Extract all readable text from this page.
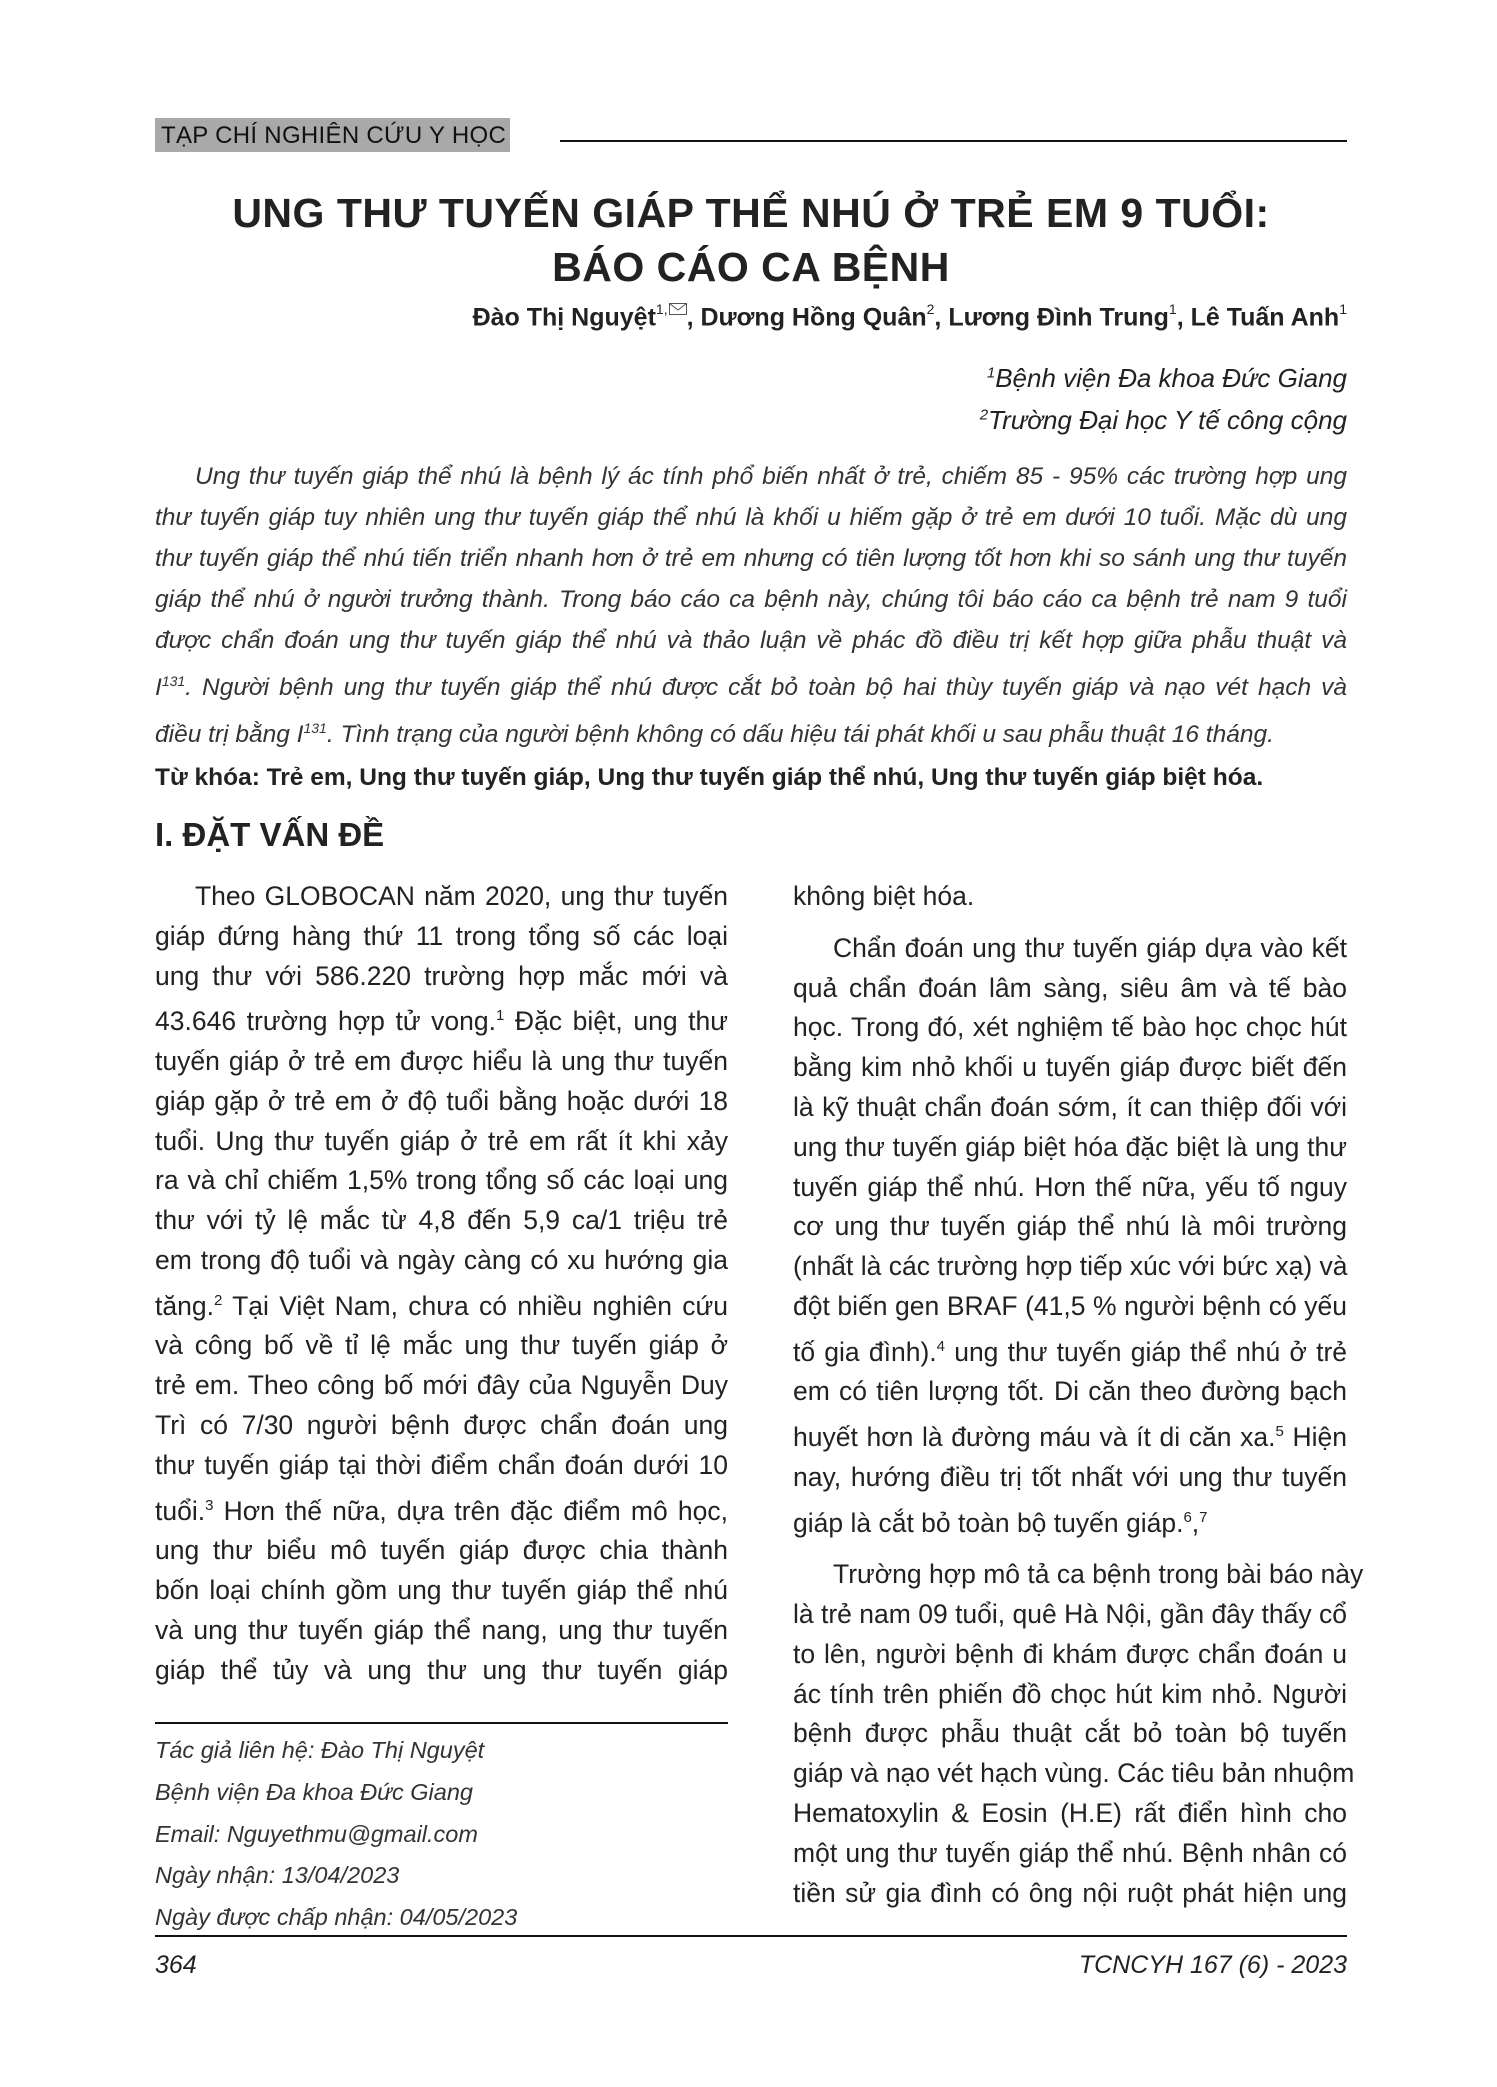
TẠP CHÍ NGHIÊN CỨU Y HỌC
UNG THƯ TUYẾN GIÁP THỂ NHÚ Ở TRẺ EM 9 TUỔI:
BÁO CÁO CA BỆNH
Đào Thị Nguyệt$^{1,}$ , Dương Hồng Quân$^2$, Lương Đình Trung$^1$, Lê Tuấn Anh$^1$
$^1$Bệnh viện Đa khoa Đức Giang
$^2$Trường Đại học Y tế công cộng
Ung thư tuyến giáp thể nhú là bệnh lý ác tính phổ biến nhất ở trẻ, chiếm 85 - 95% các trường hợp ung
thư tuyến giáp tuy nhiên ung thư tuyến giáp thể nhú là khối u hiếm gặp ở trẻ em dưới 10 tuổi. Mặc dù ung
thư tuyến giáp thể nhú tiến triển nhanh hơn ở trẻ em nhưng có tiên lượng tốt hơn khi so sánh ung thư tuyến
giáp thể nhú ở người trưởng thành. Trong báo cáo ca bệnh này, chúng tôi báo cáo ca bệnh trẻ nam 9 tuổi
được chẩn đoán ung thư tuyến giáp thể nhú và thảo luận về phác đồ điều trị kết hợp giữa phẫu thuật và
$I^{131}$. Người bệnh ung thư tuyến giáp thể nhú được cắt bỏ toàn bộ hai thùy tuyến giáp và nạo vét hạch và
điều trị bằng $I^{131}$. Tình trạng của người bệnh không có dấu hiệu tái phát khối u sau phẫu thuật 16 tháng.
Từ khóa: Trẻ em, Ung thư tuyến giáp, Ung thư tuyến giáp thể nhú, Ung thư tuyến giáp biệt hóa.
I. ĐẶT VẤN ĐỀ
Theo GLOBOCAN năm 2020, ung thư tuyến
giáp đứng hàng thứ 11 trong tổng số các loại
ung thư với 586.220 trường hợp mắc mới và
43.646 trường hợp tử vong.$^1$ Đặc biệt, ung thư
tuyến giáp ở trẻ em được hiểu là ung thư tuyến
giáp gặp ở trẻ em ở độ tuổi bằng hoặc dưới 18
tuổi. Ung thư tuyến giáp ở trẻ em rất ít khi xảy
ra và chỉ chiếm 1,5% trong tổng số các loại ung
thư với tỷ lệ mắc từ 4,8 đến 5,9 ca/1 triệu trẻ
em trong độ tuổi và ngày càng có xu hướng gia
tăng.$^2$ Tại Việt Nam, chưa có nhiều nghiên cứu
và công bố về tỉ lệ mắc ung thư tuyến giáp ở
trẻ em. Theo công bố mới đây của Nguyễn Duy
Trì có 7/30 người bệnh được chẩn đoán ung
thư tuyến giáp tại thời điểm chẩn đoán dưới 10
tuổi.$^3$ Hơn thế nữa, dựa trên đặc điểm mô học,
ung thư biểu mô tuyến giáp được chia thành
bốn loại chính gồm ung thư tuyến giáp thể nhú
và ung thư tuyến giáp thể nang, ung thư tuyến
giáp thể tủy và ung thư ung thư tuyến giáp
không biệt hóa.
Chẩn đoán ung thư tuyến giáp dựa vào kết
quả chẩn đoán lâm sàng, siêu âm và tế bào
học. Trong đó, xét nghiệm tế bào học chọc hút
bằng kim nhỏ khối u tuyến giáp được biết đến
là kỹ thuật chẩn đoán sớm, ít can thiệp đối với
ung thư tuyến giáp biệt hóa đặc biệt là ung thư
tuyến giáp thể nhú. Hơn thế nữa, yếu tố nguy
cơ ung thư tuyến giáp thể nhú là môi trường
(nhất là các trường hợp tiếp xúc với bức xạ) và
đột biến gen BRAF (41,5 % người bệnh có yếu
tố gia đình).$^4$ ung thư tuyến giáp thể nhú ở trẻ
em có tiên lượng tốt. Di căn theo đường bạch
huyết hơn là đường máu và ít di căn xa.$^5$ Hiện
nay, hướng điều trị tốt nhất với ung thư tuyến
giáp là cắt bỏ toàn bộ tuyến giáp.$^6$,$^7$
Trường hợp mô tả ca bệnh trong bài báo này
là trẻ nam 09 tuổi, quê Hà Nội, gần đây thấy cổ
to lên, người bệnh đi khám được chẩn đoán u
ác tính trên phiến đồ chọc hút kim nhỏ. Người
bệnh được phẫu thuật cắt bỏ toàn bộ tuyến
giáp và nạo vét hạch vùng. Các tiêu bản nhuộm
Hematoxylin & Eosin (H.E) rất điển hình cho
một ung thư tuyến giáp thể nhú. Bệnh nhân có
tiền sử gia đình có ông nội ruột phát hiện ung
Tác giả liên hệ: Đào Thị Nguyệt
Bệnh viện Đa khoa Đức Giang
Email: Nguyethmu@gmail.com
Ngày nhận: 13/04/2023
Ngày được chấp nhận: 04/05/2023
364	TCNCYH 167 (6) - 2023
